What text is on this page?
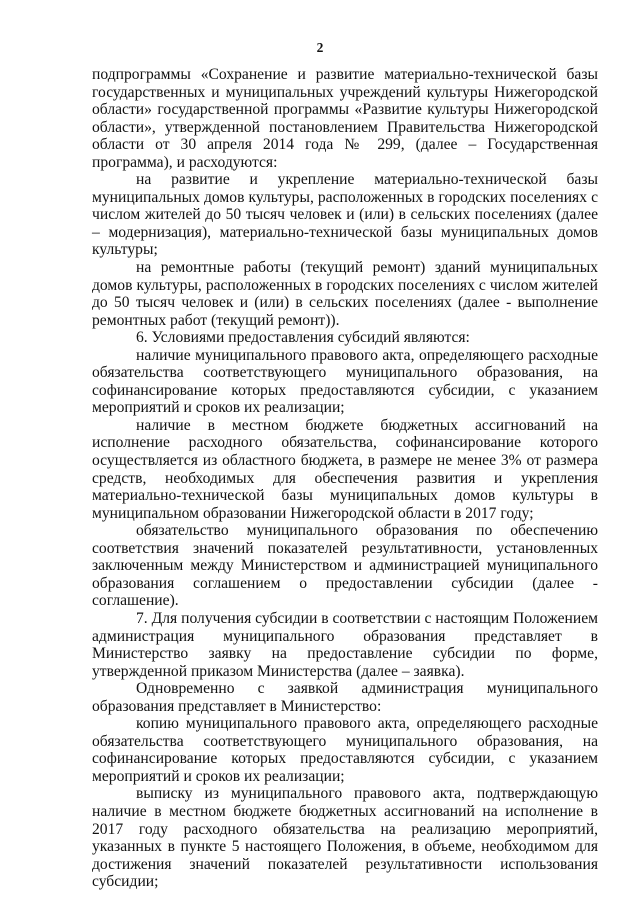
2

подпрограммы «Сохранение и развитие материально-технической базы государственных и муниципальных учреждений культуры Нижегородской области» государственной программы «Развитие культуры Нижегородской области», утвержденной постановлением Правительства Нижегородской области от 30 апреля 2014 года № 299, (далее – Государственная программа), и расходуются:

на развитие и укрепление материально-технической базы муниципальных домов культуры, расположенных в городских поселениях с числом жителей до 50 тысяч человек и (или) в сельских поселениях (далее – модернизация), материально-технической базы муниципальных домов культуры;

на ремонтные работы (текущий ремонт) зданий муниципальных домов культуры, расположенных в городских поселениях с числом жителей до 50 тысяч человек и (или) в сельских поселениях (далее - выполнение ремонтных работ (текущий ремонт)).

6. Условиями предоставления субсидий являются:

наличие муниципального правового акта, определяющего расходные обязательства соответствующего муниципального образования, на софинансирование которых предоставляются субсидии, с указанием мероприятий и сроков их реализации;

наличие в местном бюджете бюджетных ассигнований на исполнение расходного обязательства, софинансирование которого осуществляется из областного бюджета, в размере не менее 3% от размера средств, необходимых для обеспечения развития и укрепления материально-технической базы муниципальных домов культуры в муниципальном образовании Нижегородской области в 2017 году;

обязательство муниципального образования по обеспечению соответствия значений показателей результативности, установленных заключенным между Министерством и администрацией муниципального образования соглашением о предоставлении субсидии (далее - соглашение).

7. Для получения субсидии в соответствии с настоящим Положением администрация муниципального образования представляет в Министерство заявку на предоставление субсидии по форме, утвержденной приказом Министерства (далее – заявка).

Одновременно с заявкой администрация муниципального образования представляет в Министерство:

копию муниципального правового акта, определяющего расходные обязательства соответствующего муниципального образования, на софинансирование которых предоставляются субсидии, с указанием мероприятий и сроков их реализации;

выписку из муниципального правового акта, подтверждающую наличие в местном бюджете бюджетных ассигнований на исполнение в 2017 году расходного обязательства на реализацию мероприятий, указанных в пункте 5 настоящего Положения, в объеме, необходимом для достижения значений показателей результативности использования субсидии;
